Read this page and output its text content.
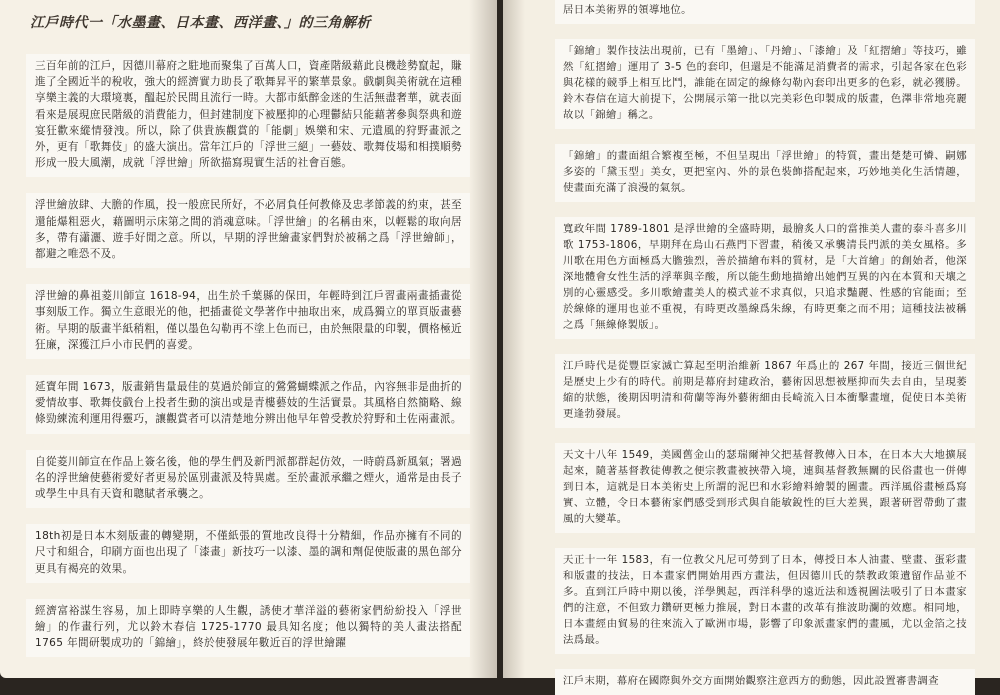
江戶時代一「水墨畫、日本畫、西洋畫、」的三角解析
三百年前的江戶，因德川幕府之駐地而聚集了百萬人口，資產階級藉此良機趁勢竄起，賺進了全國近半的稅收，強大的經濟實力助長了歌舞昇平的繁華景象。戲劇與美術就在這種享樂主義的大環境裏，醞起於民間且流行一時。大都市紙醉金迷的生活無盡奢華，就表面看來是展現庶民階級的消費能力，但封建制度下被壓抑的心理鬱結只能藉著參與祭典和遊宴狂歡來縱情發洩。所以，除了供貴族觀賞的「能劇」娛樂和宋、元遺風的狩野畫派之外，更有「歌舞伎」的盛大演出。當年江戶的「浮世三絕」一藝妓、歌舞伎場和相撲順勢形成一股大風潮，成就「浮世繪」所欲描寫現實生活的社會百態。
浮世繪放肆、大膽的作風，投一般庶民所好，不必屑負任何教條及忠孝節義的約束，甚至還能爆粗惡火，藉圖明示床第之間的消魂意味。「浮世繪」的名稱由來，以輕鬆的取向居多，帶有瀟灑、遊手好閒之意。所以，早期的浮世繪畫家們對於被稱之爲「浮世繪師」，都避之唯恐不及。
浮世繪的鼻祖菱川師宣 1618-94，出生於千葉縣的保田，年輕時到江戶習畫兩畫插畫從事刻版工作。獨立生意眼光的他，把插畫從文學著作中抽取出來，成爲獨立的單頁版畫藝術。早期的版畫半紙稍粗，僅以墨色勾勒再不塗上色而已，由於無限量的印製，價格極近狂廉，深獲江戶小市民們的喜愛。
延寶年間 1673，版畫銷售量最佳的莫過於師宣的鶯鶯蝴蝶派之作品，內容無非是曲折的愛情故事、歌舞伎戲台上投者生動的演出或是青樓藝妓的生活實景。其風格自然簡略、線條勁練流利運用得靈巧，讓觀賞者可以清楚地分辨出他早年曾受教於狩野和土佐兩畫派。
自從菱川師宣在作品上簽名後，他的學生們及新門派都群起仿效，一時蔚爲新風氣；署過名的浮世繪使藝術愛好者更易於區別畫派及特異處。至於畫派承繼之煙火，通常是由長子或學生中具有天資和聰賦者承襲之。
18th初是日本木刻版畫的轉變期，不僅紙張的質地改良得十分精細，作品亦擁有不同的尺寸和組合，印刷方面也出現了「漆畫」新技巧一以漆、墨的調和劑促使版畫的黑色部分更具有褐亮的效果。
經濟富裕謀生容易，加上即時享樂的人生觀，誘使才華洋溢的藝術家們紛紛投入「浮世繪」的作畫行列，尤以鈴木春信 1725-1770 最具知名度；他以獨特的美人畫法搭配 1765 年間研製成功的「錦繪」，終於使發展年數近百的浮世繪躍
居日本美術界的領導地位。
「錦繪」製作技法出現前，已有「墨繪」、「丹繪」、「漆繪」及「紅摺繪」等技巧，雖然「紅摺繪」運用了 3-5 色的套印，但還是不能滿足消費者的需求，引起各家在色彩與花樣的競爭上相互比鬥，誰能在固定的線條勾勒內套印出更多的色彩，就必獲勝。鈴木春信在這大前提下，公開展示第一批以完美彩色印製成的版畫，色澤非常地亮麗故以「錦繪」稱之。
「錦繪」的畫面組合繁複至極，不但呈現出「浮世繪」的特質，畫出楚楚可憐、嗣娜多姿的「黛玉型」美女，更把室內、外的景色裝飾搭配起來，巧妙地美化生活情趣，使畫面充滿了浪漫的氣氛。
寬政年間 1789-1801 是浮世繪的全盛時期，最膾炙人口的當推美人畫的泰斗喜多川歌 1753-1806，早期拜在烏山石燕門下習畫，稍後又承襲清長門派的美女風格。多川歌在用色方面極爲大膽強烈，善於描繪布料的質材，是「大首繪」的創始者，他深深地體會女性生活的浮華與辛酸，所以能生動地描繪出她們互異的內在本質和天壤之別的心靈感受。多川歌繪畫美人的模式並不求真似，只追求豔麗、性感的官能面；至於線條的運用也並不重視，有時更改墨線爲朱線，有時更棄之而不用；這種技法被稱之爲「無線條製版」。
江戶時代是從豐臣家滅亡算起至明治維新 1867 年爲止的 267 年間，接近三個世紀是歷史上少有的時代。前期是幕府封建政治，藝術因思想被壓抑而失去自由，呈現萎縮的狀態，後期因明清和荷蘭等海外藝術細由長崎流入日本衝擊畫壇，促使日本美術更逢勃發展。
天文十八年 1549，美國舊金山的瑟瑞爾神父把基督教傳入日本，在日本大大地擴展起來，隨著基督教徒傳教之便宗教畫被挾帶入境，連與基督教無關的民俗畫也一併傳到日本，這就是日本美術史上所謂的泥巴和水彩繪料繪製的圖畫。西洋風俗畫極爲寫實、立體，令日本藝術家們感受到形式與自能敏銳性的巨大差異，跟著研習帶動了畫風的大變革。
天正十一年 1583，有一位教父凡尼可勞到了日本，傳授日本人油畫、壁畫、蛋彩畫和版畫的技法，日本畫家們開始用西方畫法，但因德川氏的禁教政策遺留作品並不多。直到江戶時中期以後，洋學興起，西洋科學的遠近法和透視圖法吸引了日本畫家們的注意，不但致力鑽研更極力推展，對日本畫的改革有推波助瀾的效應。相同地，日本畫經由貿易的往來流入了歐洲市場，影響了印象派畫家們的畫風，尤以金箔之技法爲最。
江戶末期，幕府在國際與外交方面開始觀察注意西方的動態，因此設置審書調查
